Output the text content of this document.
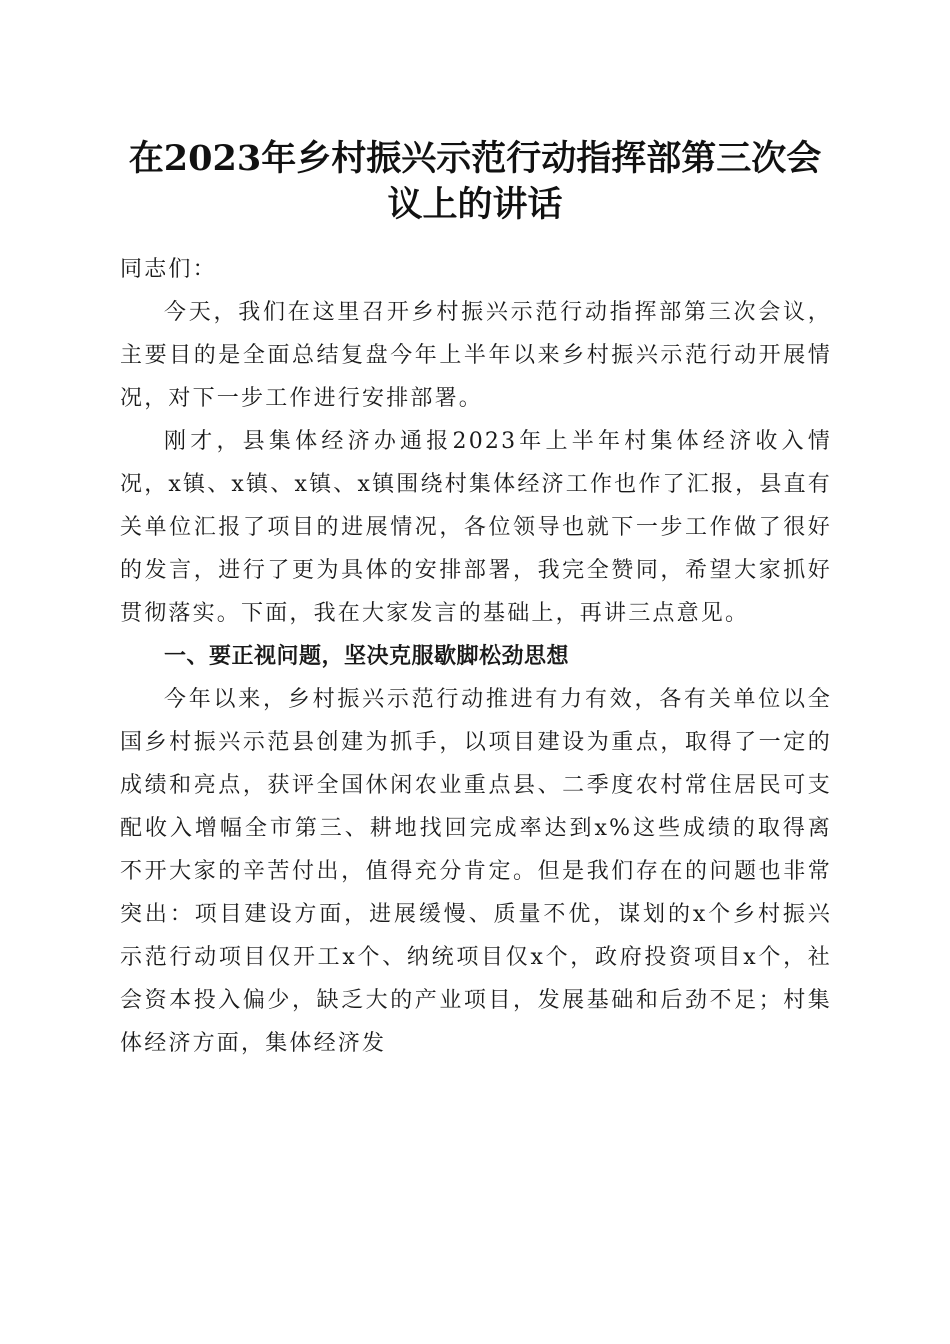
在2023年乡村振兴示范行动指挥部第三次会
议上的讲话

同志们：

今天，我们在这里召开乡村振兴示范行动指挥部第三次会议，主要目的是全面总结复盘今年上半年以来乡村振兴示范行动开展情况，对下一步工作进行安排部署。

刚才，县集体经济办通报2023年上半年村集体经济收入情况，x镇、x镇、x镇、x镇围绕村集体经济工作也作了汇报，县直有关单位汇报了项目的进展情况，各位领导也就下一步工作做了很好的发言，进行了更为具体的安排部署，我完全赞同，希望大家抓好贯彻落实。下面，我在大家发言的基础上，再讲三点意见。

一、要正视问题，坚决克服歇脚松劲思想

今年以来，乡村振兴示范行动推进有力有效，各有关单位以全国乡村振兴示范县创建为抓手，以项目建设为重点，取得了一定的成绩和亮点，获评全国休闲农业重点县、二季度农村常住居民可支配收入增幅全市第三、耕地找回完成率达到x%这些成绩的取得离不开大家的辛苦付出，值得充分肯定。但是我们存在的问题也非常突出：项目建设方面，进展缓慢、质量不优，谋划的x个乡村振兴示范行动项目仅开工x个、纳统项目仅x个，政府投资项目x个，社会资本投入偏少，缺乏大的产业项目，发展基础和后劲不足；村集体经济方面，集体经济发
